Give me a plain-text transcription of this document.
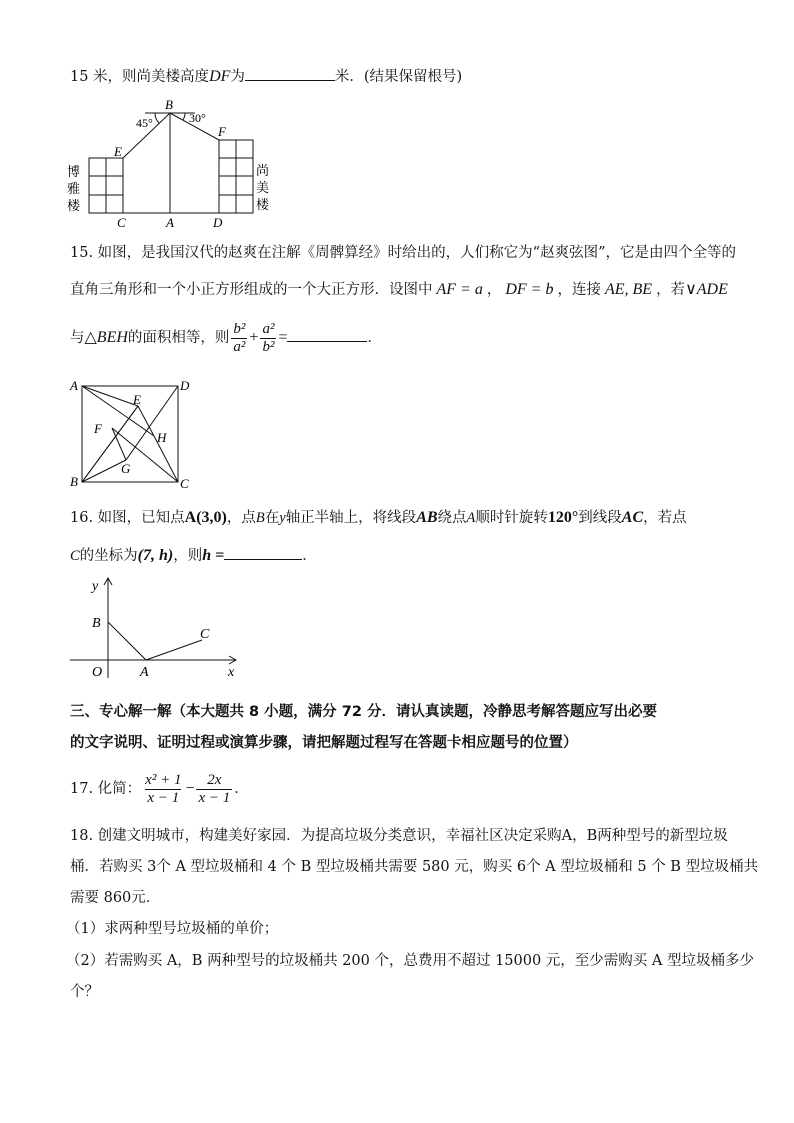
15 米，则尚美楼高度DF为	米．(结果保留根号)
45°	30°
B
E
F
C	A	D
博
雅
楼
尚
美
楼
15. 如图，是我国汉代的赵爽在注解《周髀算经》时给出的，人们称它为“赵爽弦图”，它是由四个全等的
直角三角形和一个小正方形组成的一个大正方形．设图中 AF = a ， DF = b ，连接 AE, BE ，若∨ADE
与△BEH的面积相等，则 $\frac{\text{b²}}{\text{a²}} + \frac{\text{a²}}{\text{b²}}$ =	．
A
B	C
D
E
F
G
H
16. 如图，已知点A(3,0)，点B在y轴正半轴上，将线段AB绕点A顺时针旋转120°到线段AC，若点
C的坐标为(7, h)，则h =	．
y
x
O	A
B
C
三、专心解一解（本大题共 8 小题，满分 72 分．请认真读题，冷静思考解答题应写出必要
的文字说明、证明过程或演算步骤，请把解题过程写在答题卡相应题号的位置）
17. 化简： $\frac{\text{x² + 1}}{x - 1} - \frac{2x}{x - 1}$ ．
18. 创建文明城市，构建美好家园．为提高垃圾分类意识，幸福社区决定采购A，B两种型号的新型垃圾
桶．若购买 3个 A 型垃圾桶和 4 个 B 型垃圾桶共需要 580 元，购买 6个 A 型垃圾桶和 5 个 B 型垃圾桶共
需要 860元．
（1）求两种型号垃圾桶的单价；
（2）若需购买 A，B 两种型号的垃圾桶共 200 个，总费用不超过 15000 元，至少需购买 A 型垃圾桶多少
个？
